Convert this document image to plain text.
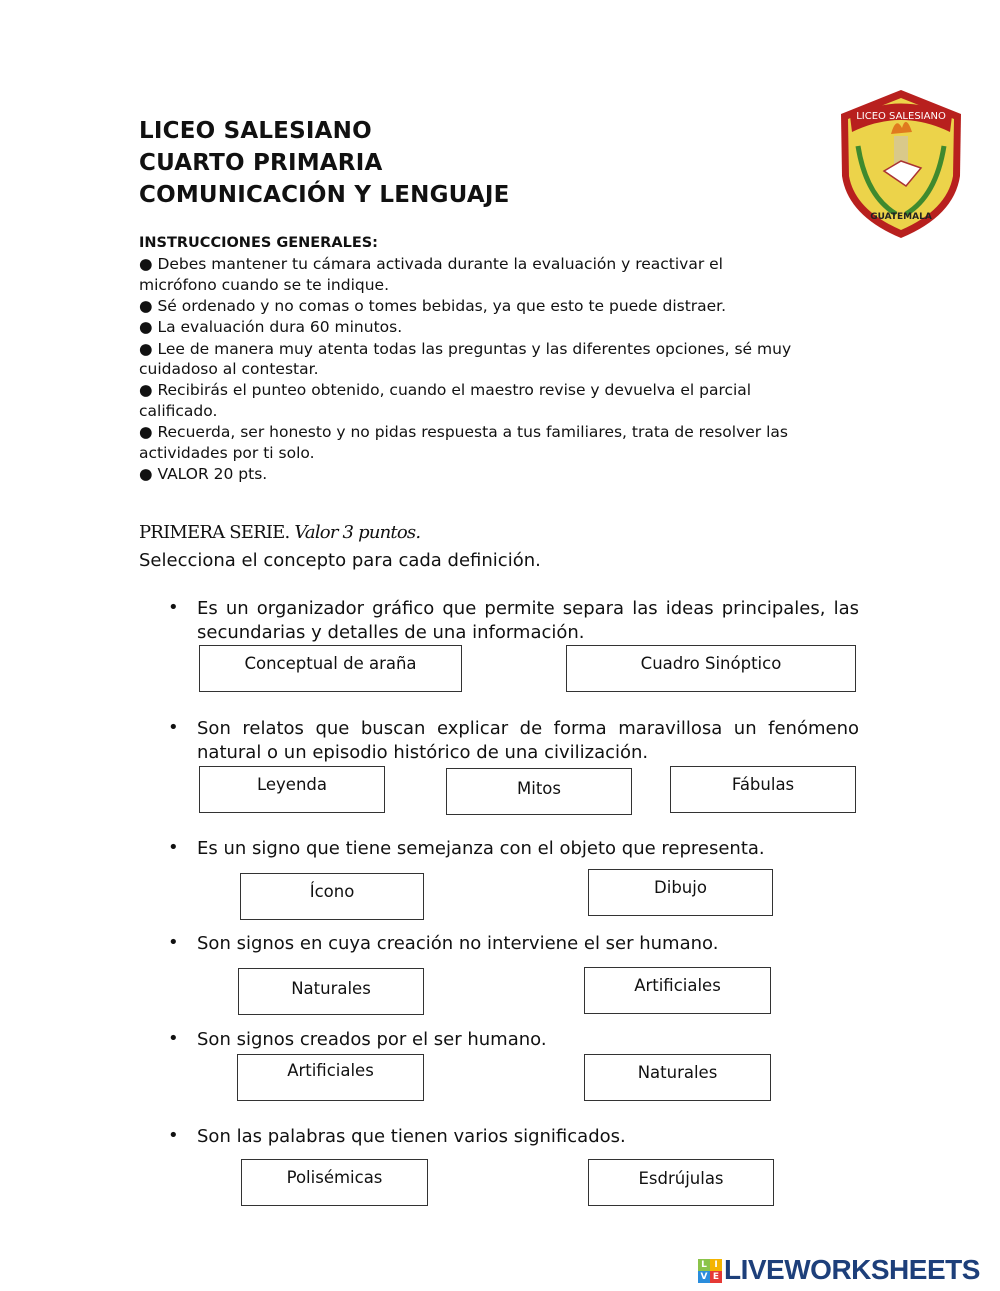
LICEO SALESIANO
CUARTO PRIMARIA
COMUNICACIÓN Y LENGUAJE
GUATEMALA
LICEO SALESIANO
INSTRUCCIONES GENERALES:
● Debes mantener tu cámara activada durante la evaluación y reactivar el
micrófono cuando se te indique.
● Sé ordenado y no comas o tomes bebidas, ya que esto te puede distraer.
● La evaluación dura 60 minutos.
● Lee de manera muy atenta todas las preguntas y las diferentes opciones, sé muy
cuidadoso al contestar.
● Recibirás el punteo obtenido, cuando el maestro revise y devuelva el parcial
calificado.
● Recuerda, ser honesto y no pidas respuesta a tus familiares, trata de resolver las
actividades por ti solo.
● VALOR 20 pts.
PRIMERA SERIE. Valor 3 puntos.
Selecciona el concepto para cada definición.
• Es un organizador gráfico que permite separa las ideas principales, las secundarias y detalles de una información.
Conceptual de araña	Cuadro Sinóptico
• Son relatos que buscan explicar de forma maravillosa un fenómeno natural o un episodio histórico de una civilización.
Leyenda	Mitos	Fábulas
• Es un signo que tiene semejanza con el objeto que representa.
Ícono	Dibujo
• Son signos en cuya creación no interviene el ser humano.
Naturales	Artificiales
• Son signos creados por el ser humano.
Artificiales	Naturales
• Son las palabras que tienen varios significados.
Polisémicas	Esdrújulas
L I
V E LIVEWORKSHEETS
